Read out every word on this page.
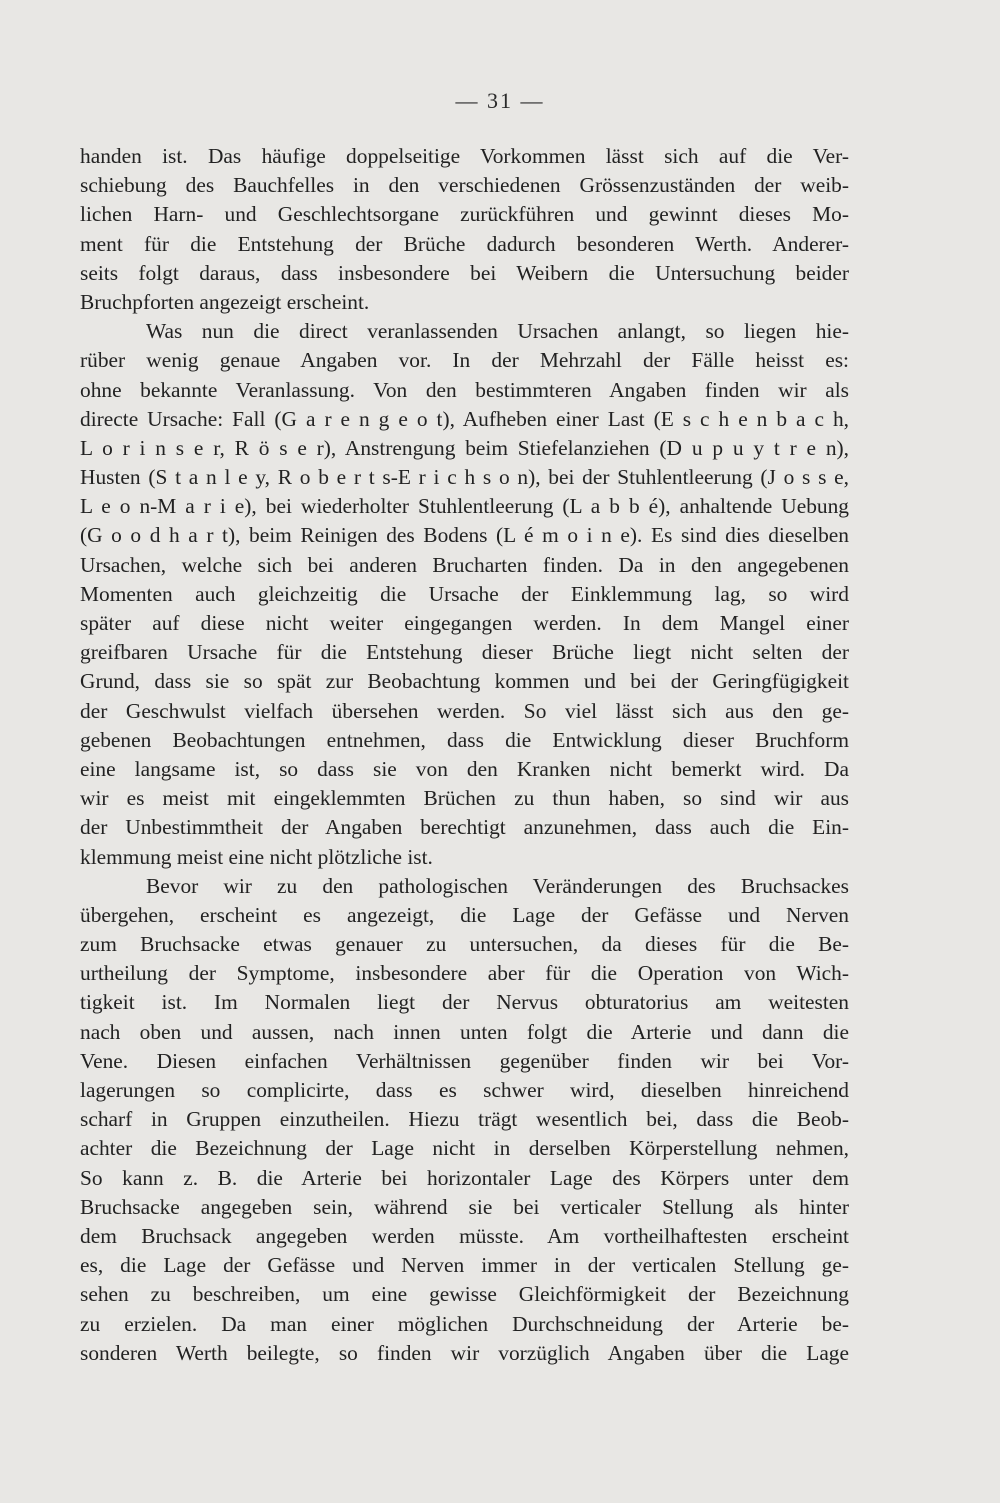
— 31 —
handen ist. Das häufige doppelseitige Vorkommen lässt sich auf die Ver-
schiebung des Bauchfelles in den verschiedenen Grössenzuständen der weib-
lichen Harn- und Geschlechtsorgane zurückführen und gewinnt dieses Mo-
ment für die Entstehung der Brüche dadurch besonderen Werth. Anderer-
seits folgt daraus, dass insbesondere bei Weibern die Untersuchung beider
Bruchpforten angezeigt erscheint.
Was nun die direct veranlassenden Ursachen anlangt, so liegen hie-
rüber wenig genaue Angaben vor. In der Mehrzahl der Fälle heisst es:
ohne bekannte Veranlassung. Von den bestimmteren Angaben finden wir als
directe Ursache: Fall (G a r e n g e o t), Aufheben einer Last (E s c h e n b a c h,
L o r i n s e r, R ö s e r), Anstrengung beim Stiefelanziehen (D u p u y t r e n),
Husten (S t a n l e y, R o b e r t s-E r i c h s o n), bei der Stuhlentleerung (J o s s e,
L e o n-M a r i e), bei wiederholter Stuhlentleerung (L a b b é), anhaltende Uebung
(G o o d h a r t), beim Reinigen des Bodens (L é m o i n e). Es sind dies dieselben
Ursachen, welche sich bei anderen Brucharten finden. Da in den angegebenen
Momenten auch gleichzeitig die Ursache der Einklemmung lag, so wird
später auf diese nicht weiter eingegangen werden. In dem Mangel einer
greifbaren Ursache für die Entstehung dieser Brüche liegt nicht selten der
Grund, dass sie so spät zur Beobachtung kommen und bei der Geringfügigkeit
der Geschwulst vielfach übersehen werden. So viel lässt sich aus den ge-
gebenen Beobachtungen entnehmen, dass die Entwicklung dieser Bruchform
eine langsame ist, so dass sie von den Kranken nicht bemerkt wird. Da
wir es meist mit eingeklemmten Brüchen zu thun haben, so sind wir aus
der Unbestimmtheit der Angaben berechtigt anzunehmen, dass auch die Ein-
klemmung meist eine nicht plötzliche ist.
Bevor wir zu den pathologischen Veränderungen des Bruchsackes
übergehen, erscheint es angezeigt, die Lage der Gefässe und Nerven
zum Bruchsacke etwas genauer zu untersuchen, da dieses für die Be-
urtheilung der Symptome, insbesondere aber für die Operation von Wich-
tigkeit ist. Im Normalen liegt der Nervus obturatorius am weitesten
nach oben und aussen, nach innen unten folgt die Arterie und dann die
Vene. Diesen einfachen Verhältnissen gegenüber finden wir bei Vor-
lagerungen so complicirte, dass es schwer wird, dieselben hinreichend
scharf in Gruppen einzutheilen. Hiezu trägt wesentlich bei, dass die Beob-
achter die Bezeichnung der Lage nicht in derselben Körperstellung nehmen,
So kann z. B. die Arterie bei horizontaler Lage des Körpers unter dem
Bruchsacke angegeben sein, während sie bei verticaler Stellung als hinter
dem Bruchsack angegeben werden müsste. Am vortheilhaftesten erscheint
es, die Lage der Gefässe und Nerven immer in der verticalen Stellung ge-
sehen zu beschreiben, um eine gewisse Gleichförmigkeit der Bezeichnung
zu erzielen. Da man einer möglichen Durchschneidung der Arterie be-
sonderen Werth beilegte, so finden wir vorzüglich Angaben über die Lage
